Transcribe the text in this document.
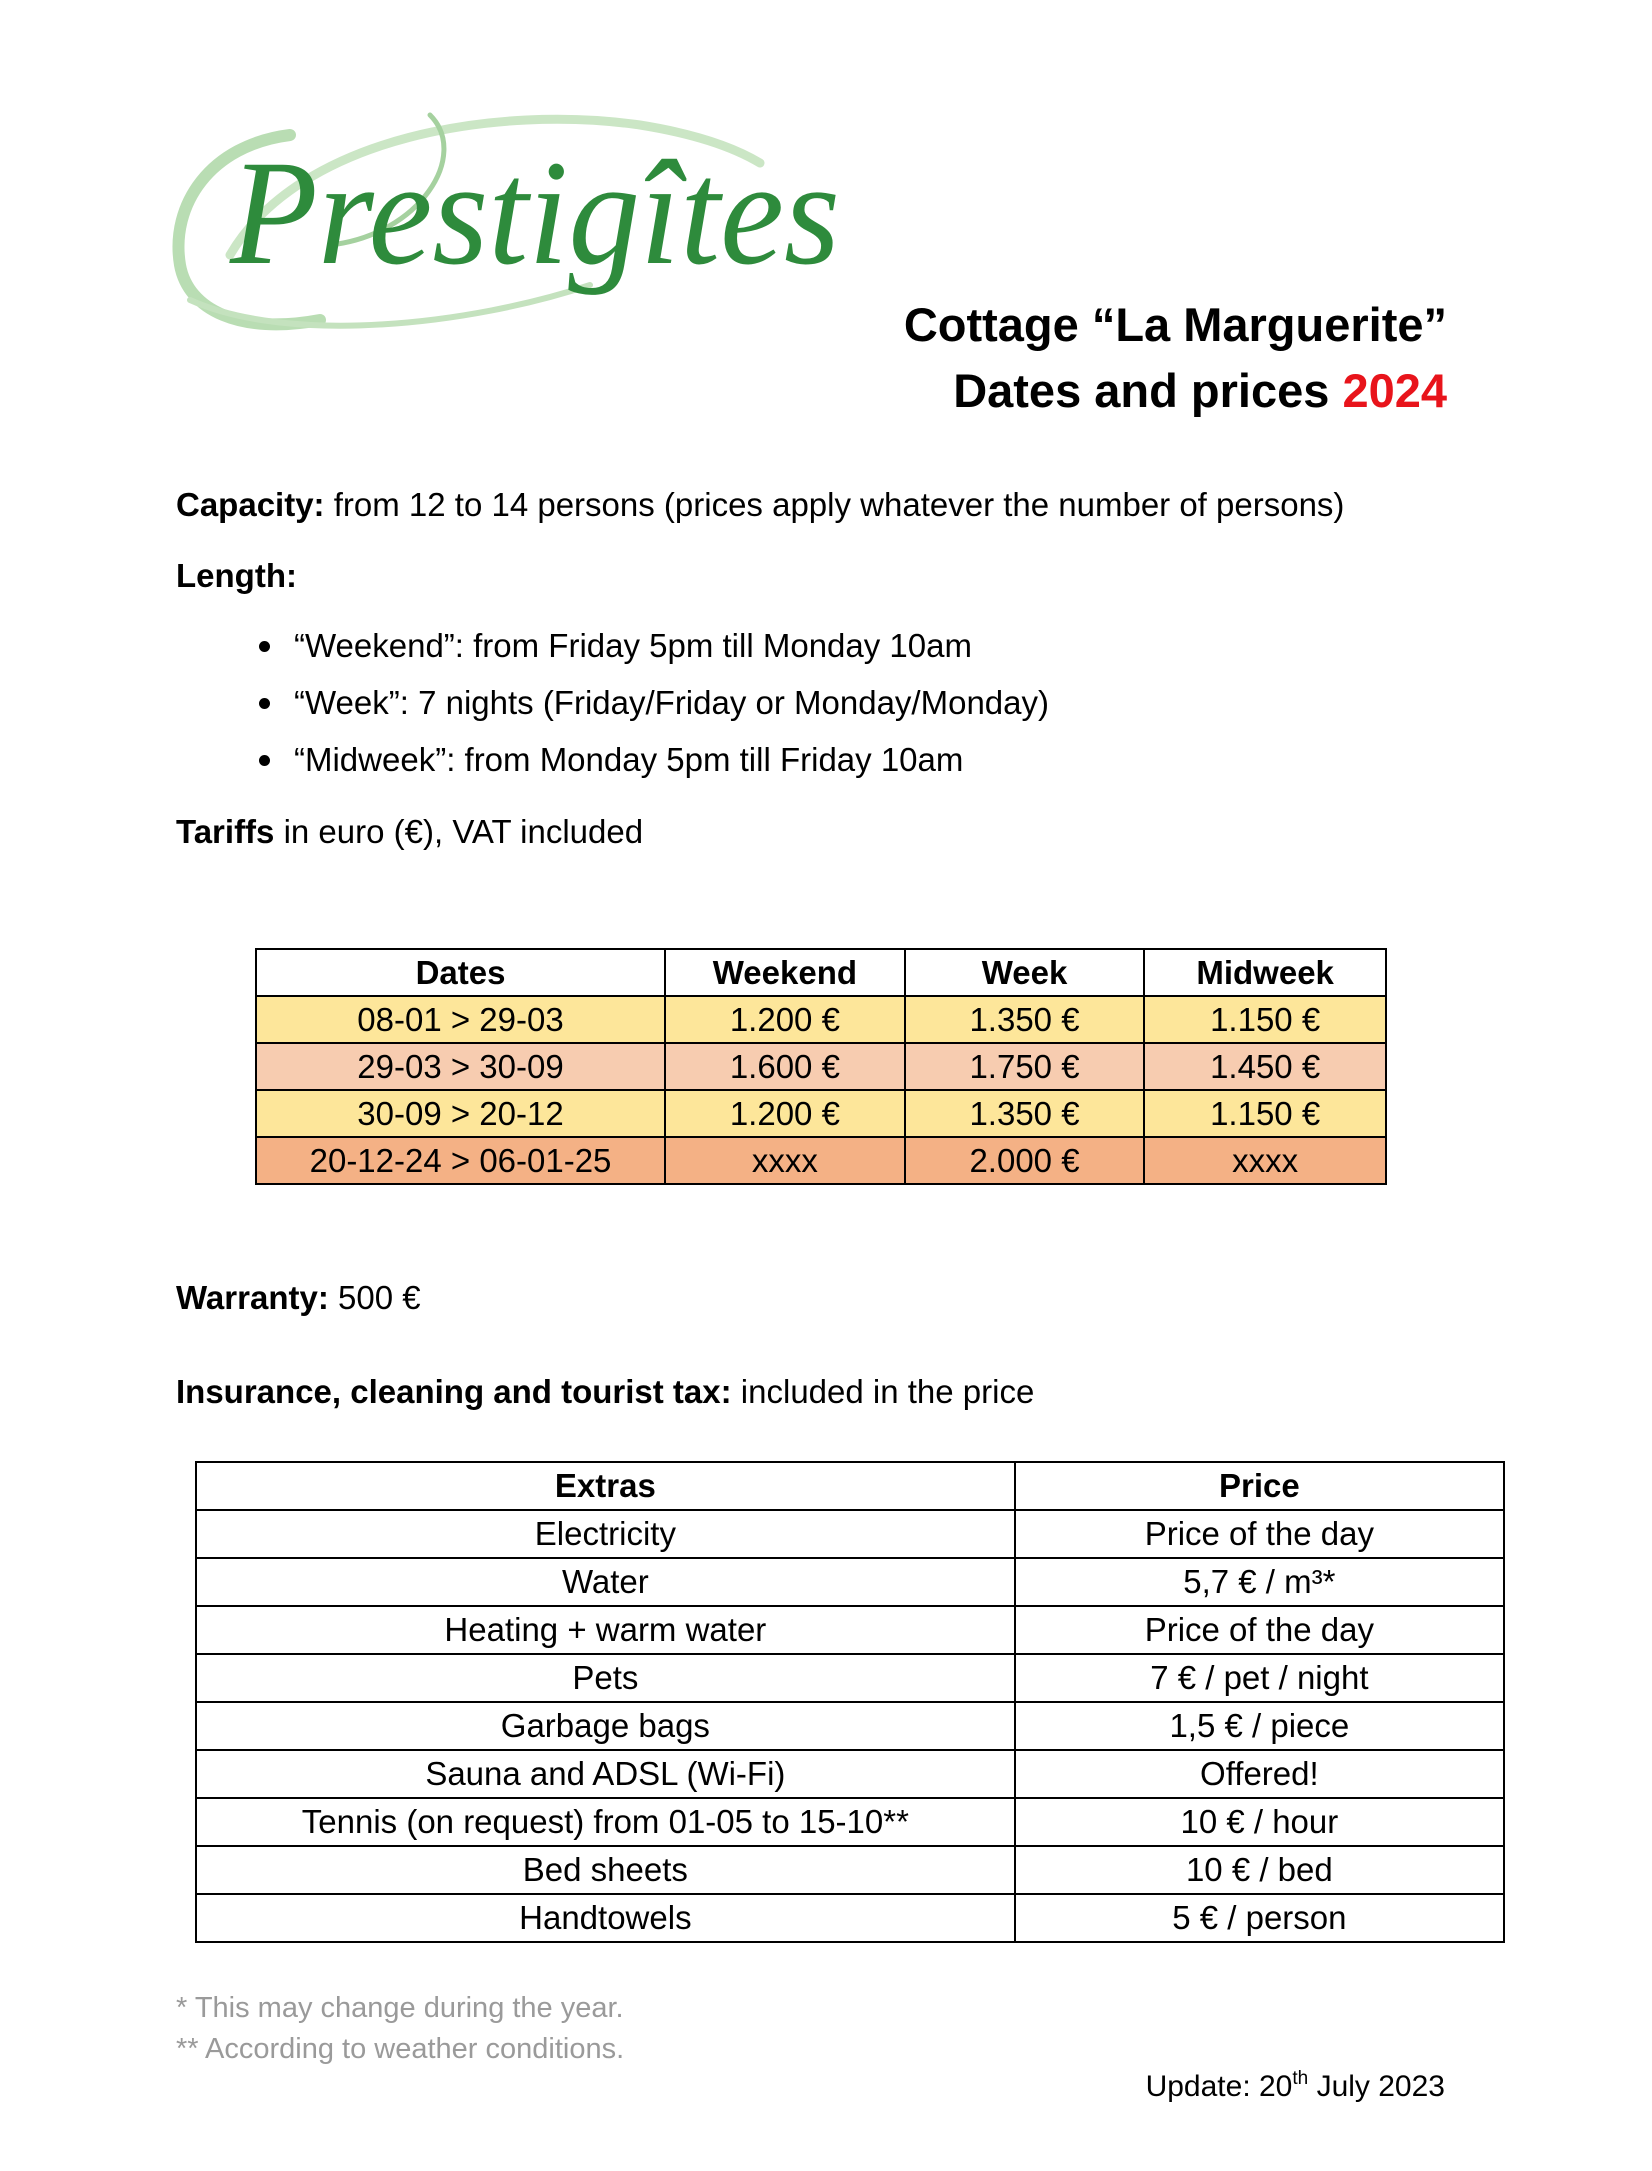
Prestigîtes
Cottage “La Marguerite”
Dates and prices 2024
Capacity: from 12 to 14 persons (prices apply whatever the number of persons)
Length:
“Weekend”: from Friday 5pm till Monday 10am
“Week”: 7 nights (Friday/Friday or Monday/Monday)
“Midweek”: from Monday 5pm till Friday 10am
Tariffs in euro (€), VAT included
Dates	Weekend	Week	Midweek
08-01 > 29-03	1.200 €	1.350 €	1.150 €
29-03 > 30-09	1.600 €	1.750 €	1.450 €
30-09 > 20-12	1.200 €	1.350 €	1.150 €
20-12-24 > 06-01-25	xxxx	2.000 €	xxxx
Warranty: 500 €
Insurance, cleaning and tourist tax: included in the price
Extras	Price
Electricity	Price of the day
Water	5,7 € / m³*
Heating + warm water	Price of the day
Pets	7 € / pet / night
Garbage bags	1,5 € / piece
Sauna and ADSL (Wi-Fi)	Offered!
Tennis (on request) from 01-05 to 15-10**	10 € / hour
Bed sheets	10 € / bed
Handtowels	5 € / person
* This may change during the year.
** According to weather conditions.
Update: 20th July 2023
